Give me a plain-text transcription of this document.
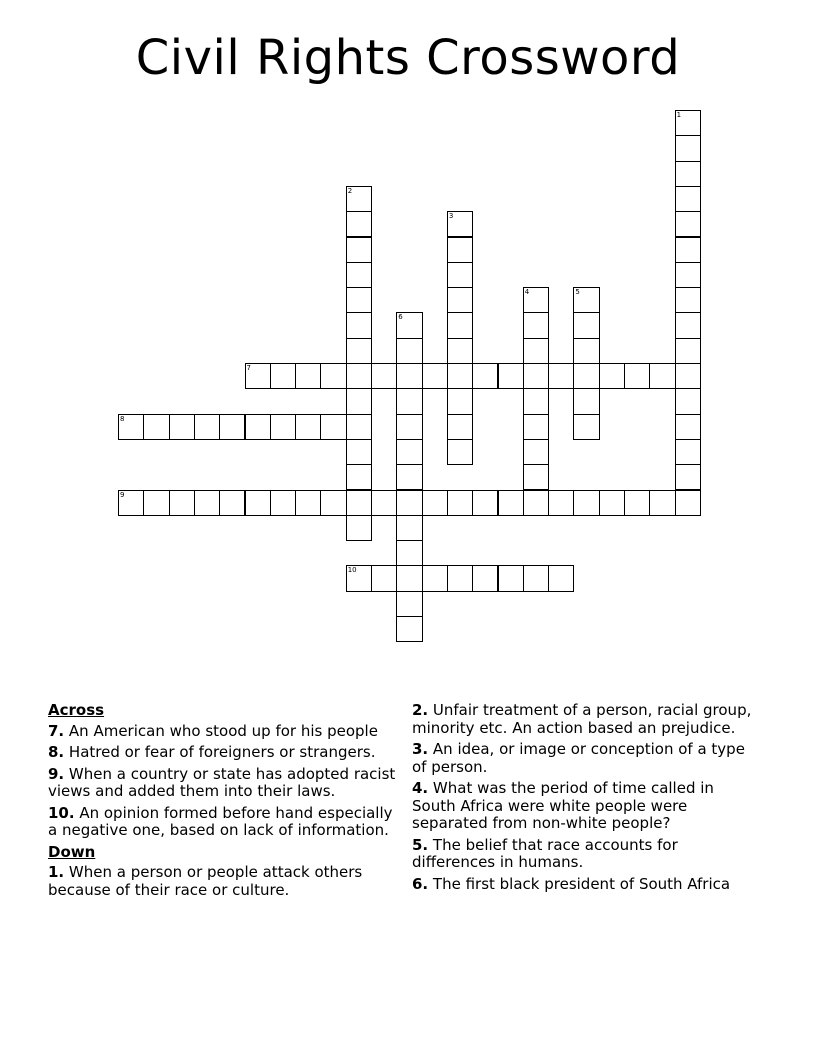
Civil Rights Crossword
1
2
3
4	5
6
7
8
9
10
Across
7. An American who stood up for his people
8. Hatred or fear of foreigners or strangers.
9. When a country or state has adopted racist views and added them into their laws.
10. An opinion formed before hand especially a negative one, based on lack of information.
Down
1. When a person or people attack others because of their race or culture.
2. Unfair treatment of a person, racial group, minority etc. An action based an prejudice.
3. An idea, or image or conception of a type of person.
4. What was the period of time called in South Africa were white people were separated from non-white people?
5. The belief that race accounts for differences in humans.
6. The first black president of South Africa
